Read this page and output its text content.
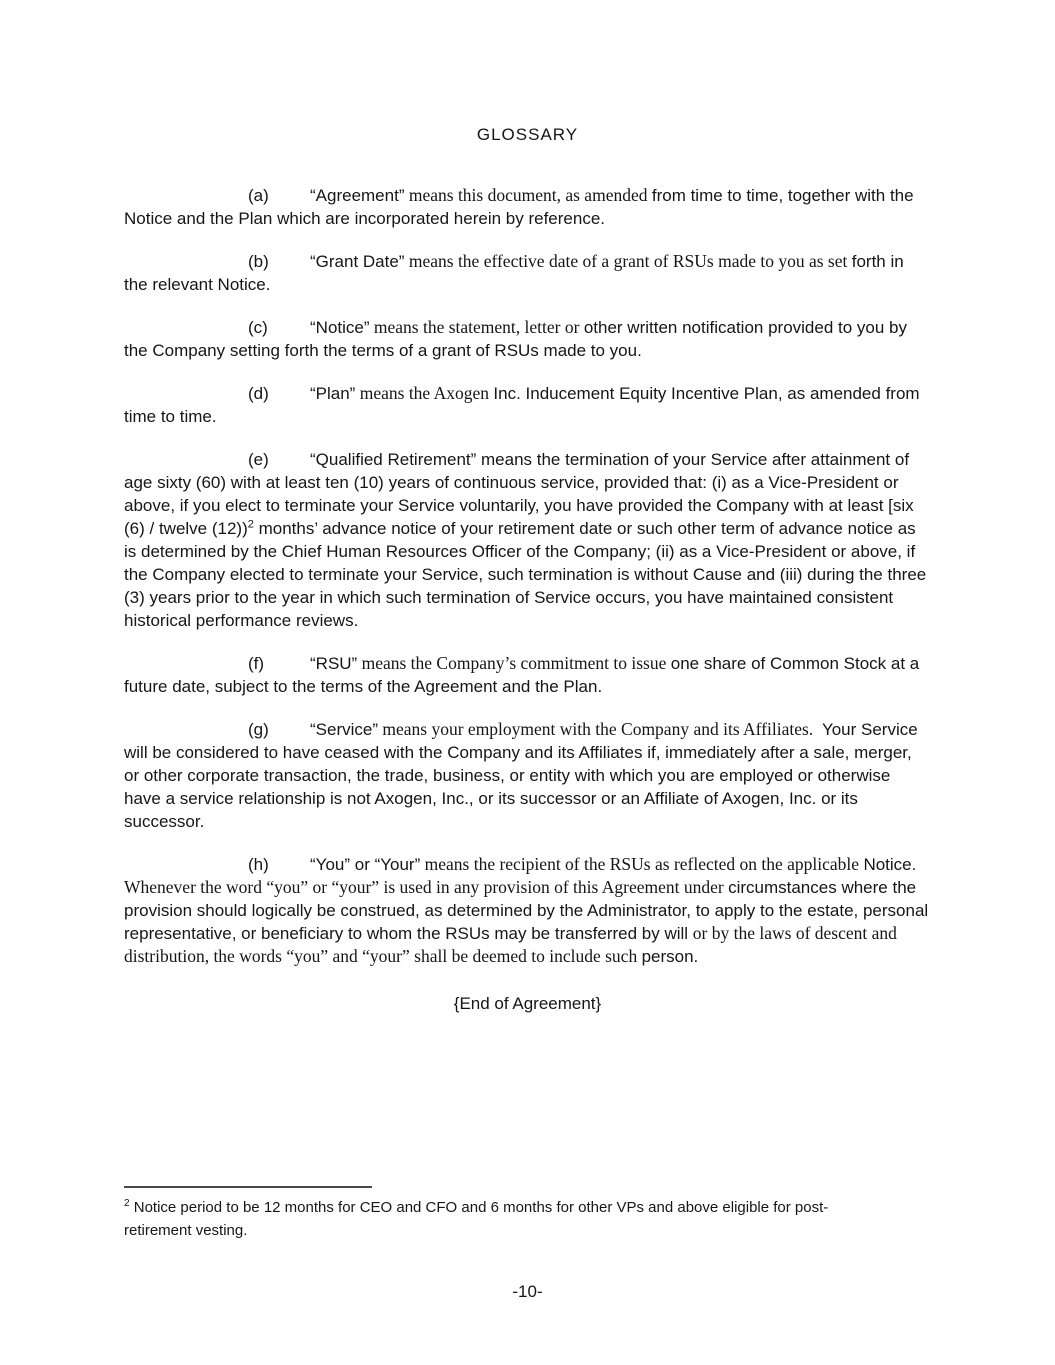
GLOSSARY

(a) “Agreement” means this document, as amended from time to time, together with the Notice and the Plan which are incorporated herein by reference.

(b) “Grant Date” means the effective date of a grant of RSUs made to you as set forth in the relevant Notice.

(c) “Notice” means the statement, letter or other written notification provided to you by the Company setting forth the terms of a grant of RSUs made to you.

(d) “Plan” means the Axogen Inc. Inducement Equity Incentive Plan, as amended from time to time.

(e) “Qualified Retirement” means the termination of your Service after attainment of age sixty (60) with at least ten (10) years of continuous service, provided that: (i) as a Vice-President or above, if you elect to terminate your Service voluntarily, you have provided the Company with at least [six (6) / twelve (12))$^2$ months’ advance notice of your retirement date or such other term of advance notice as is determined by the Chief Human Resources Officer of the Company; (ii) as a Vice-President or above, if the Company elected to terminate your Service, such termination is without Cause and (iii) during the three (3) years prior to the year in which such termination of Service occurs, you have maintained consistent historical performance reviews.

(f)	“RSU” means the Company’s commitment to issue one share of Common Stock at a future date, subject to the terms of the Agreement and the Plan.

(g) “Service” means your employment with the Company and its Affiliates.  Your Service will be considered to have ceased with the Company and its Affiliates if, immediately after a sale, merger, or other corporate transaction, the trade, business, or entity with which you are employed or otherwise have a service relationship is not Axogen, Inc., or its successor or an Affiliate of Axogen, Inc. or its successor.

(h) “You” or “Your” means the recipient of the RSUs as reflected on the applicable Notice.  Whenever the word “you” or “your” is used in any provision of this Agreement under circumstances where the provision should logically be construed, as determined by the Administrator, to apply to the estate, personal representative, or beneficiary to whom the RSUs may be transferred by will or by the laws of descent and distribution, the words “you” and “your” shall be deemed to include such person.

{End of Agreement}
$^2$ Notice period to be 12 months for CEO and CFO and 6 months for other VPs and above eligible for post-
retirement vesting.
-10-
